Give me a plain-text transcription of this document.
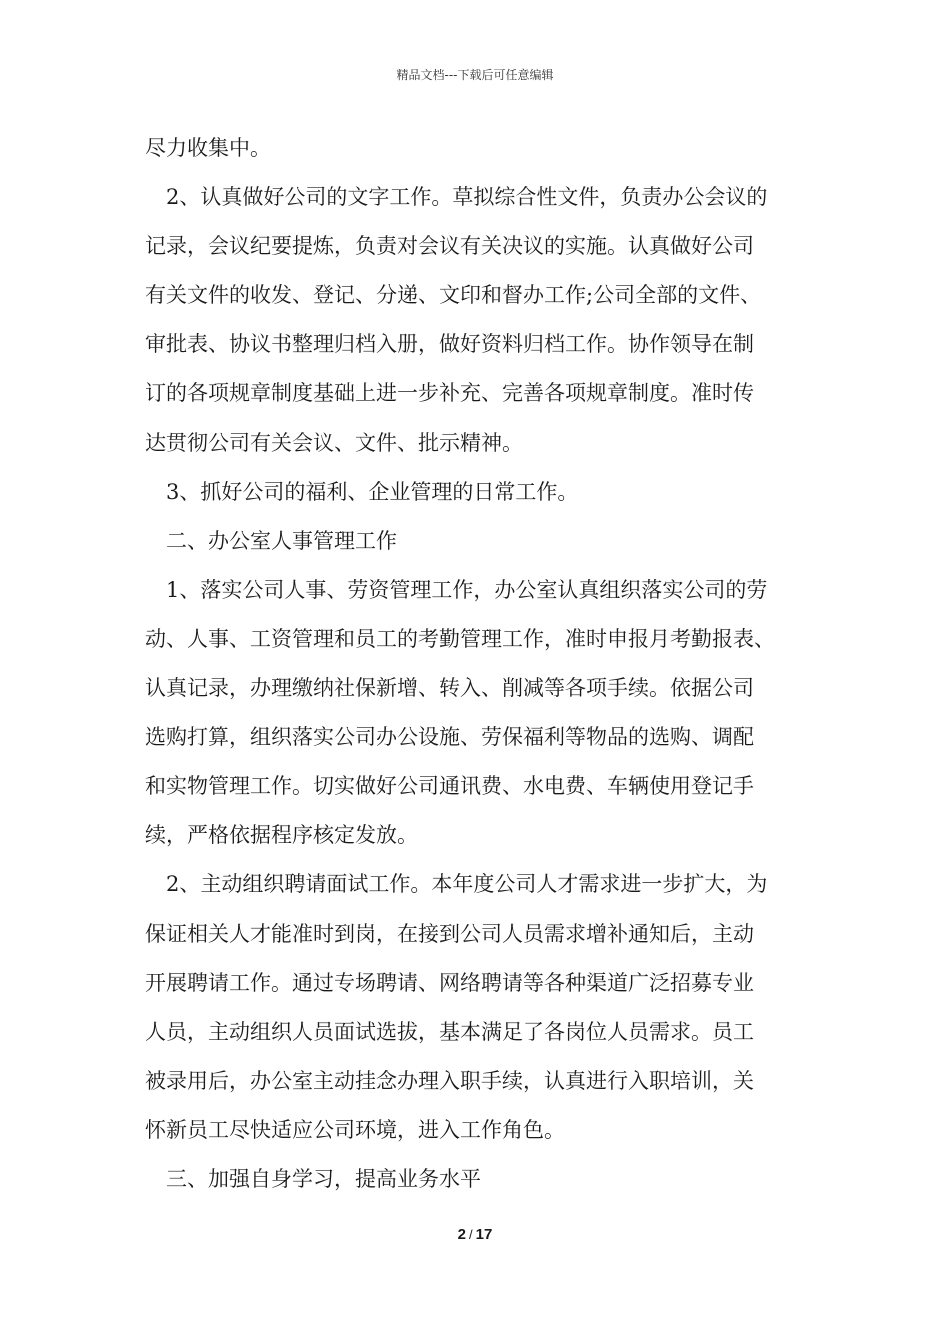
精品文档---下载后可任意编辑
尽力收集中。
2、认真做好公司的文字工作。草拟综合性文件，负责办公会议的
记录，会议纪要提炼，负责对会议有关决议的实施。认真做好公司
有关文件的收发、登记、分递、文印和督办工作;公司全部的文件、
审批表、协议书整理归档入册，做好资料归档工作。协作领导在制
订的各项规章制度基础上进一步补充、完善各项规章制度。准时传
达贯彻公司有关会议、文件、批示精神。
3、抓好公司的福利、企业管理的日常工作。
二、办公室人事管理工作
1、落实公司人事、劳资管理工作，办公室认真组织落实公司的劳
动、人事、工资管理和员工的考勤管理工作，准时申报月考勤报表、
认真记录，办理缴纳社保新增、转入、削减等各项手续。依据公司
选购打算，组织落实公司办公设施、劳保福利等物品的选购、调配
和实物管理工作。切实做好公司通讯费、水电费、车辆使用登记手
续，严格依据程序核定发放。
2、主动组织聘请面试工作。本年度公司人才需求进一步扩大，为
保证相关人才能准时到岗，在接到公司人员需求增补通知后，主动
开展聘请工作。通过专场聘请、网络聘请等各种渠道广泛招募专业
人员，主动组织人员面试选拔，基本满足了各岗位人员需求。员工
被录用后，办公室主动挂念办理入职手续，认真进行入职培训，关
怀新员工尽快适应公司环境，进入工作角色。
三、加强自身学习，提高业务水平
2 / 17
